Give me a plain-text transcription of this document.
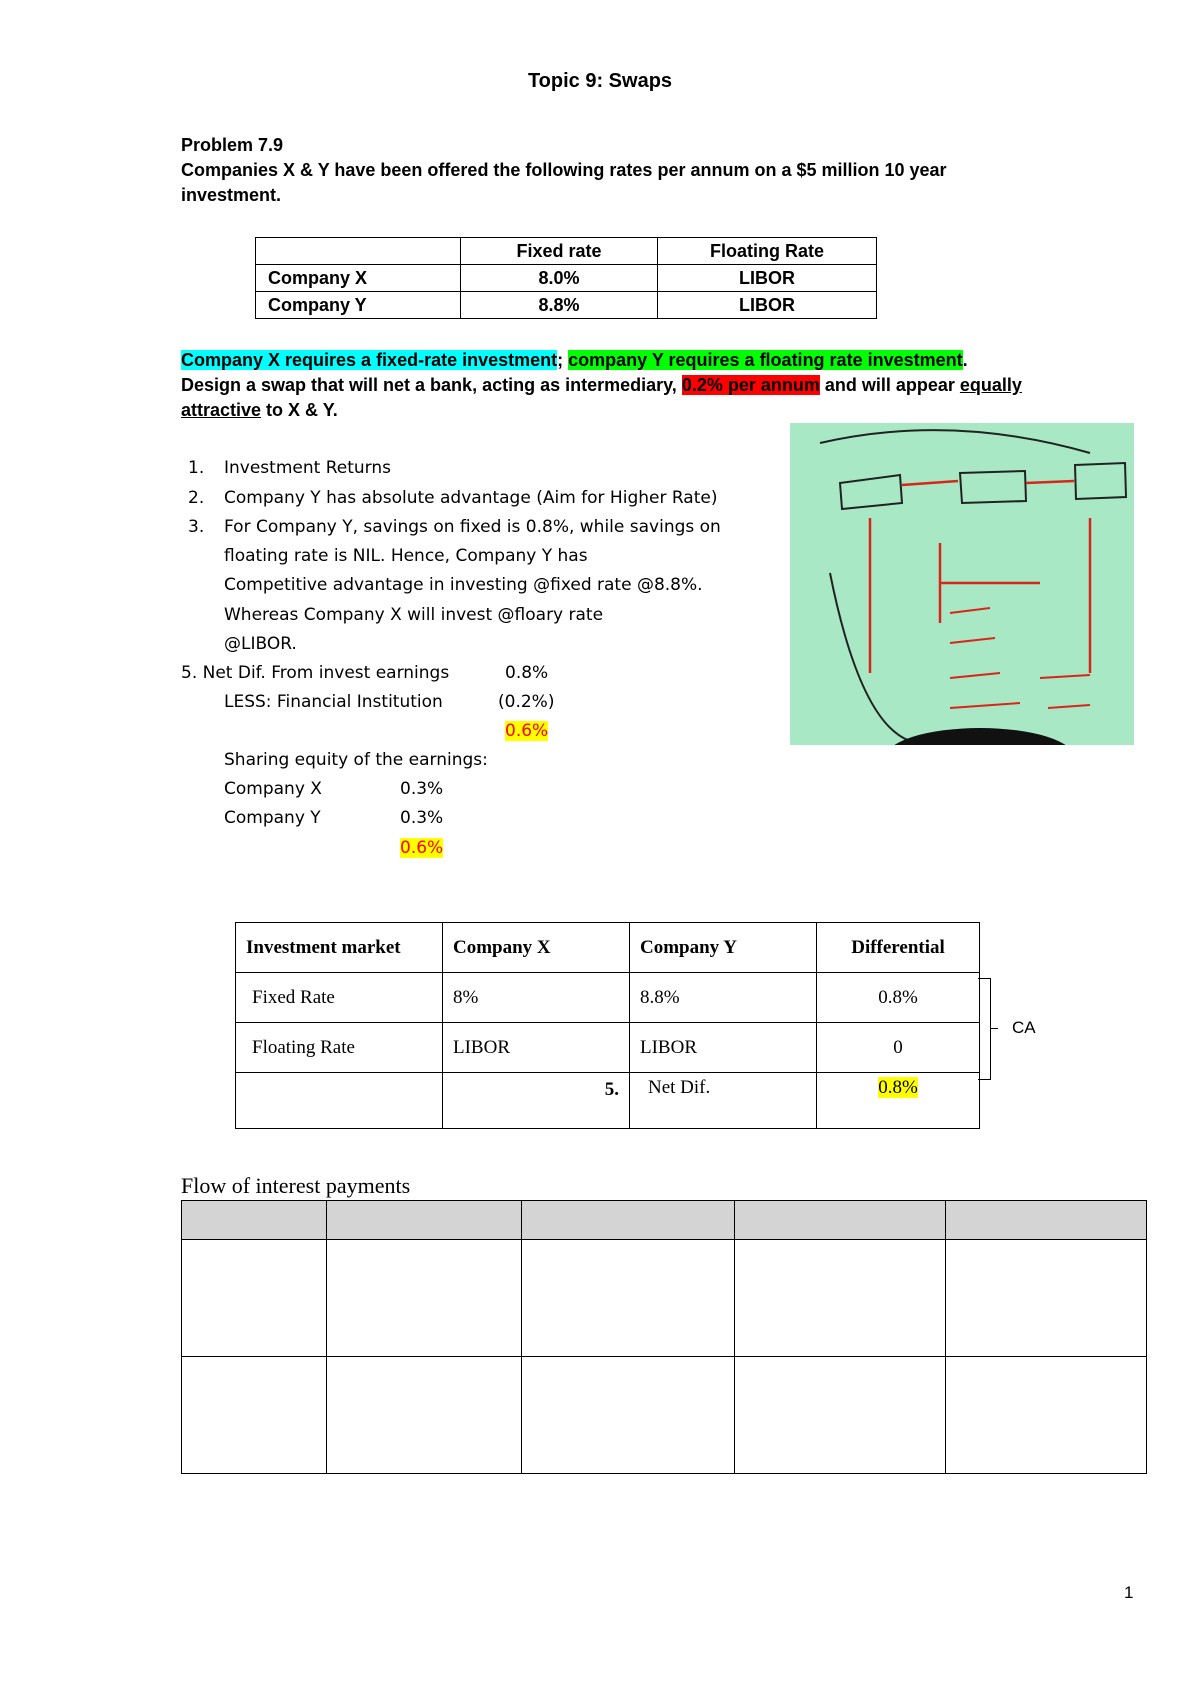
Topic 9: Swaps
Problem 7.9
Companies X & Y have been offered the following rates per annum on a $5 million 10 year
investment.
	Fixed rate	Floating Rate
Company X	8.0%	LIBOR
Company Y	8.8%	LIBOR
Company X requires a fixed-rate investment; company Y requires a floating rate investment.
Design a swap that will net a bank, acting as intermediary, 0.2% per annum and will appear equally
attractive to X & Y.
1. Investment Returns
2. Company Y has absolute advantage (Aim for Higher Rate)
3. For Company Y, savings on fixed is 0.8%, while savings on
floating rate is NIL. Hence, Company Y has
Competitive advantage in investing @fixed rate @8.8%.
Whereas Company X will invest @floary rate
@LIBOR.
5. Net Dif. From invest earnings	0.8%
LESS: Financial Institution	(0.2%)
0.6%
Sharing equity of the earnings:
Company X	0.3%
Company Y	0.3%
0.6%
Investment market	Company X	Company Y	Differential
Fixed Rate	8%	8.8%	0.8%
Floating Rate	LIBOR	LIBOR	0
	5.	Net Dif.	0.8%
CA
Flow of interest payments

1
